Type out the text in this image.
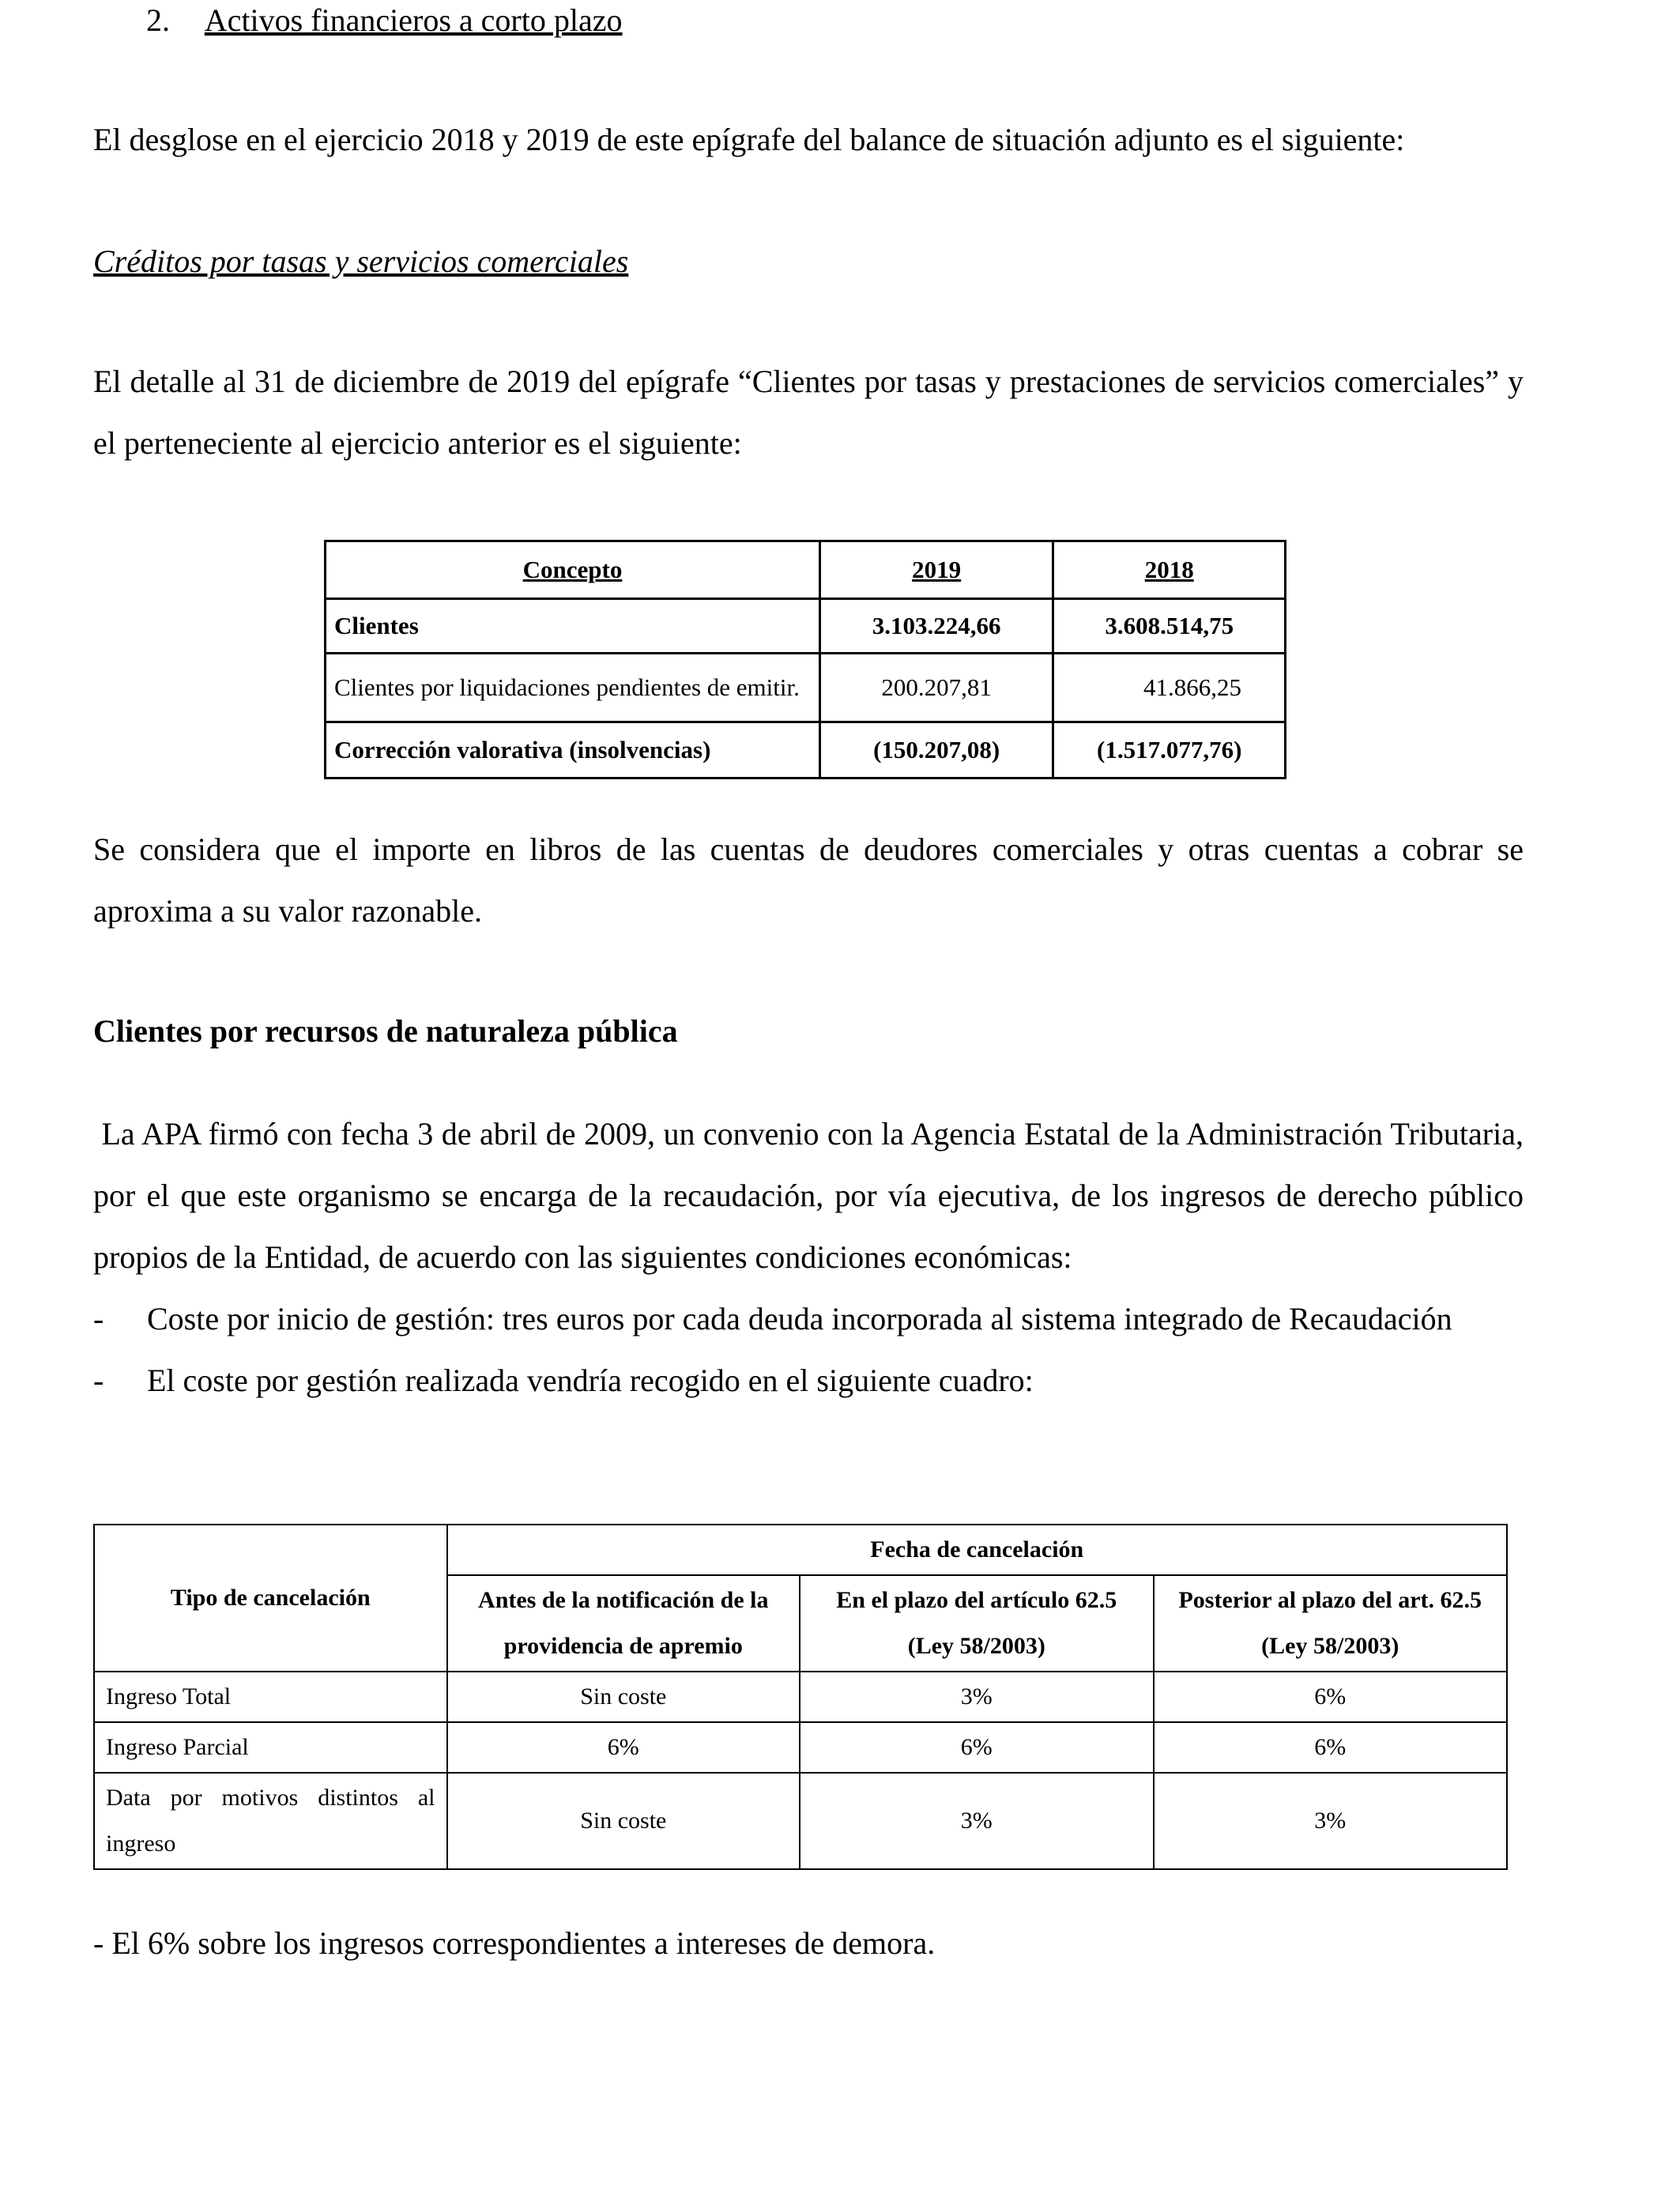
2. Activos financieros a corto plazo
El desglose en el ejercicio 2018 y 2019 de este epígrafe del balance de situación adjunto es el siguiente:
Créditos por tasas y servicios comerciales
El detalle al 31 de diciembre de 2019 del epígrafe “Clientes por tasas y prestaciones de servicios comerciales” y el perteneciente al ejercicio anterior es el siguiente:
Concepto	2019	2018
Clientes	3.103.224,66	3.608.514,75
Clientes por liquidaciones pendientes de emitir.	200.207,81	41.866,25
Corrección valorativa (insolvencias)	(150.207,08)	(1.517.077,76)
Se considera que el importe en libros de las cuentas de deudores comerciales y otras cuentas a cobrar se aproxima a su valor razonable.
Clientes por recursos de naturaleza pública
La APA firmó con fecha 3 de abril de 2009, un convenio con la Agencia Estatal de la Administración Tributaria, por el que este organismo se encarga de la recaudación, por vía ejecutiva, de los ingresos de derecho público propios de la Entidad, de acuerdo con las siguientes condiciones económicas:
- Coste por inicio de gestión: tres euros por cada deuda incorporada al sistema integrado de Recaudación
- El coste por gestión realizada vendría recogido en el siguiente cuadro:
Tipo de cancelación	Fecha de cancelación		
	Antes de la notificación de la providencia de apremio	En el plazo del artículo 62.5 (Ley 58/2003)	Posterior al plazo del art. 62.5 (Ley 58/2003)
Ingreso Total	Sin coste	3%	6%
Ingreso Parcial	6%	6%	6%
Data por motivos distintos al ingreso	Sin coste	3%	3%
- El 6% sobre los ingresos correspondientes a intereses de demora.
